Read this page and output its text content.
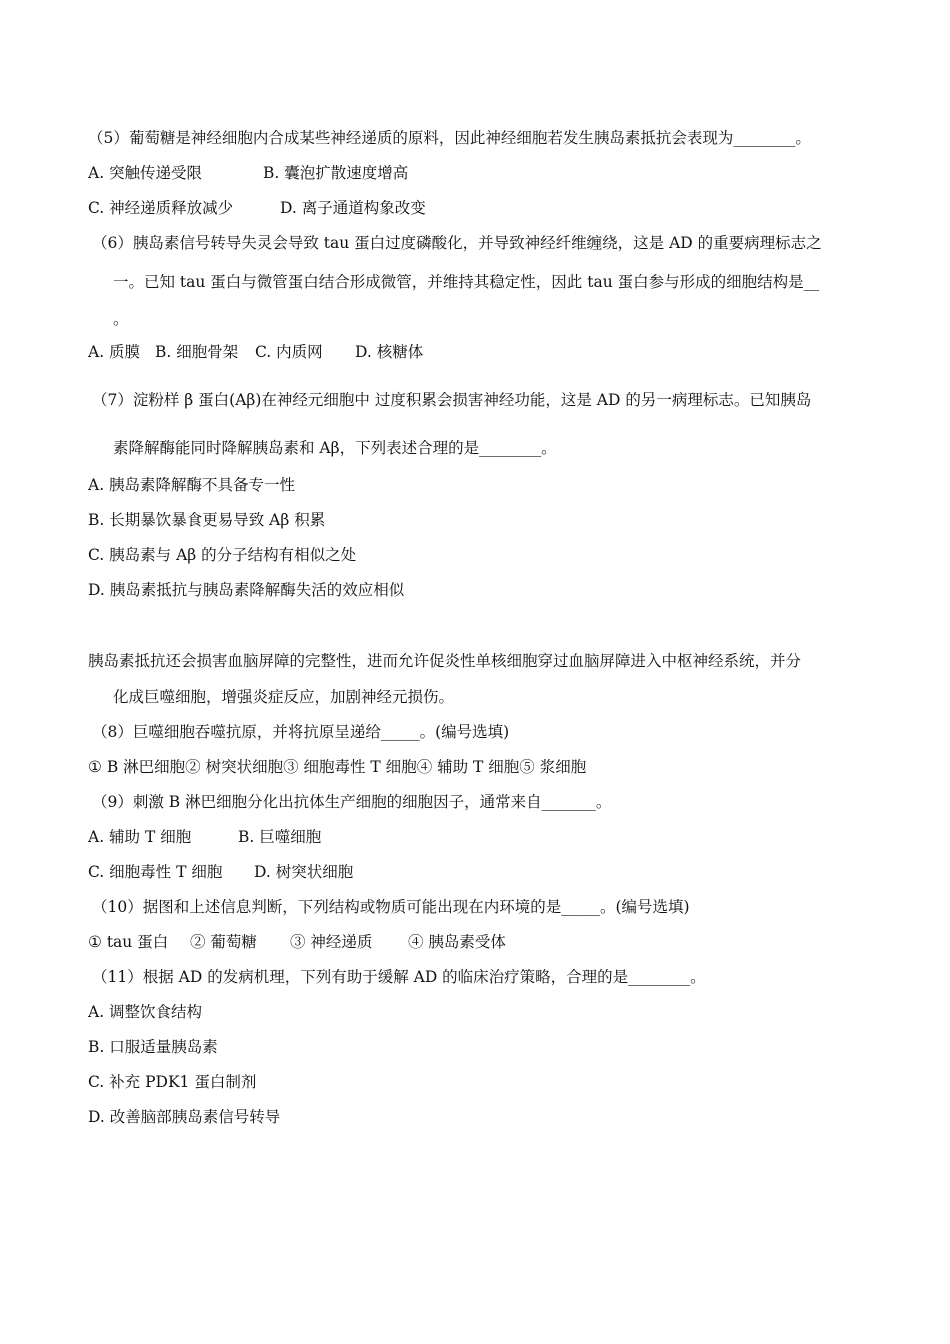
（5）葡萄糖是神经细胞内合成某些神经递质的原料，因此神经细胞若发生胰岛素抵抗会表现为________。
A. 突触传递受限	B. 囊泡扩散速度增高
C. 神经递质释放减少	D. 离子通道构象改变
（6）胰岛素信号转导失灵会导致 tau 蛋白过度磷酸化，并导致神经纤维缠绕，这是 AD 的重要病理标志之
一。已知 tau 蛋白与微管蛋白结合形成微管，并维持其稳定性，因此 tau 蛋白参与形成的细胞结构是__
。
A. 质膜 B. 细胞骨架 C. 内质网 D. 核糖体
（7）淀粉样 β 蛋白(Aβ)在神经元细胞中 过度积累会损害神经功能，这是 AD 的另一病理标志。已知胰岛
素降解酶能同时降解胰岛素和 Aβ，下列表述合理的是________。
A. 胰岛素降解酶不具备专一性
B. 长期暴饮暴食更易导致 Aβ 积累
C. 胰岛素与 Aβ 的分子结构有相似之处
D. 胰岛素抵抗与胰岛素降解酶失活的效应相似
胰岛素抵抗还会损害血脑屏障的完整性，进而允许促炎性单核细胞穿过血脑屏障进入中枢神经系统，并分
化成巨噬细胞，增强炎症反应，加剧神经元损伤。
（8）巨噬细胞吞噬抗原，并将抗原呈递给_____。(编号选填)
① B 淋巴细胞② 树突状细胞③ 细胞毒性 T 细胞④ 辅助 T 细胞⑤ 浆细胞
（9）刺激 B 淋巴细胞分化出抗体生产细胞的细胞因子，通常来自_______。
A. 辅助 T 细胞	B. 巨噬细胞
C. 细胞毒性 T 细胞 D. 树突状细胞
（10）据图和上述信息判断，下列结构或物质可能出现在内环境的是_____。(编号选填)
① tau 蛋白 ② 葡萄糖 ③ 神经递质 ④ 胰岛素受体
（11）根据 AD 的发病机理，下列有助于缓解 AD 的临床治疗策略，合理的是________。
A. 调整饮食结构
B. 口服适量胰岛素
C. 补充 PDK1 蛋白制剂
D. 改善脑部胰岛素信号转导
